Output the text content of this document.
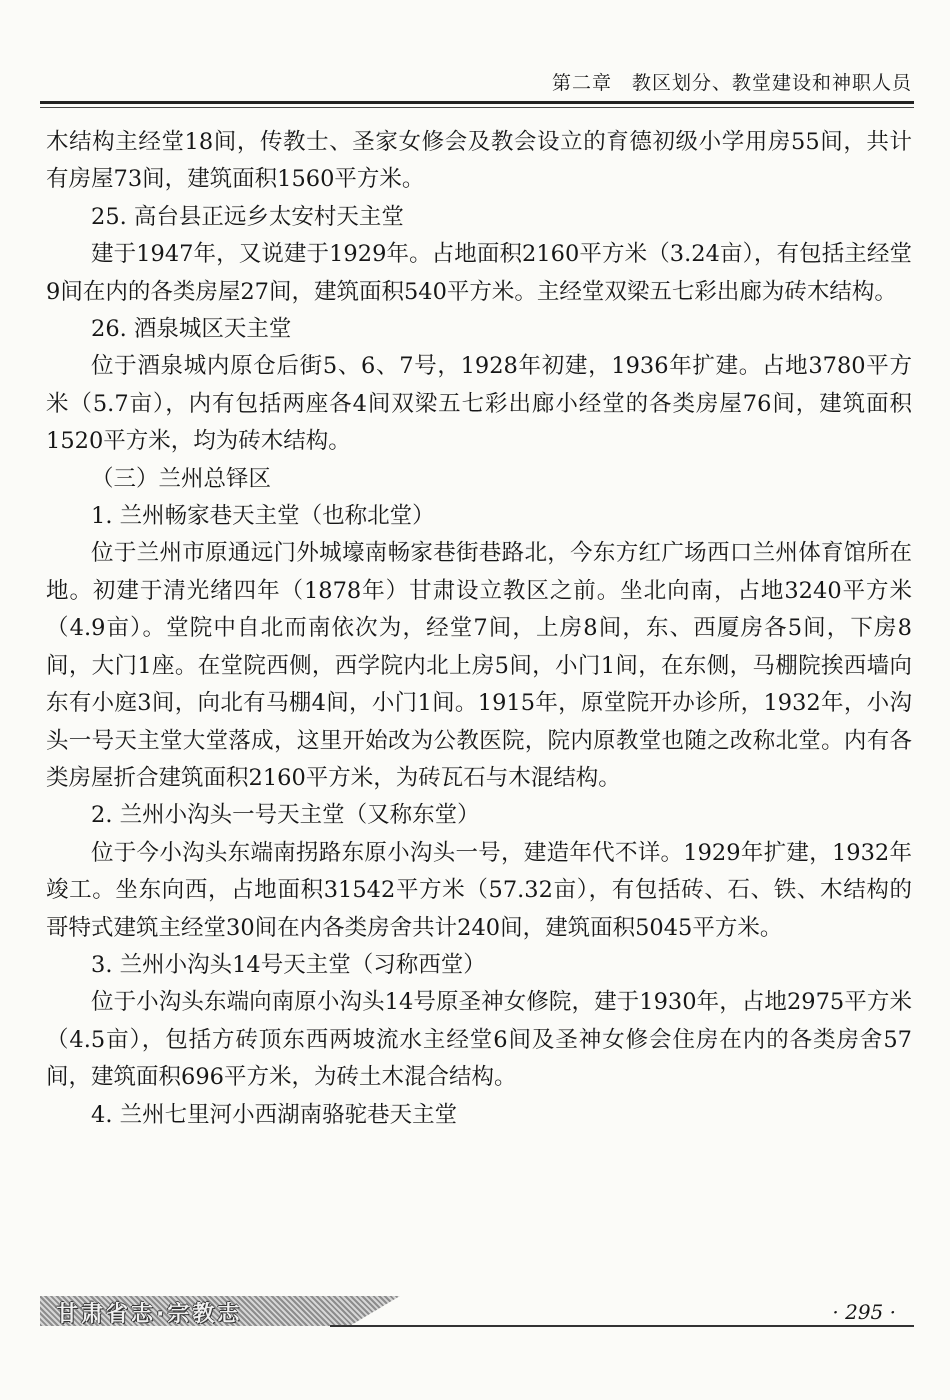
第二章　教区划分、教堂建设和神职人员

木结构主经堂18间，传教士、圣家女修会及教会设立的育德初级小学用房55间，共计有房屋73间，建筑面积1560平方米。

25. 高台县正远乡太安村天主堂

建于1947年，又说建于1929年。占地面积2160平方米（3.24亩），有包括主经堂9间在内的各类房屋27间，建筑面积540平方米。主经堂双梁五七彩出廊为砖木结构。

26. 酒泉城区天主堂

位于酒泉城内原仓后街5、6、7号，1928年初建，1936年扩建。占地3780平方米（5.7亩），内有包括两座各4间双梁五七彩出廊小经堂的各类房屋76间，建筑面积1520平方米，均为砖木结构。

（三）兰州总铎区

1. 兰州畅家巷天主堂（也称北堂）

位于兰州市原通远门外城壕南畅家巷街巷路北，今东方红广场西口兰州体育馆所在地。初建于清光绪四年（1878年）甘肃设立教区之前。坐北向南，占地3240平方米（4.9亩）。堂院中自北而南依次为，经堂7间，上房8间，东、西厦房各5间，下房8间，大门1座。在堂院西侧，西学院内北上房5间，小门1间，在东侧，马棚院挨西墙向东有小庭3间，向北有马棚4间，小门1间。1915年，原堂院开办诊所，1932年，小沟头一号天主堂大堂落成，这里开始改为公教医院，院内原教堂也随之改称北堂。内有各类房屋折合建筑面积2160平方米，为砖瓦石与木混结构。

2. 兰州小沟头一号天主堂（又称东堂）

位于今小沟头东端南拐路东原小沟头一号，建造年代不详。1929年扩建，1932年竣工。坐东向西，占地面积31542平方米（57.32亩），有包括砖、石、铁、木结构的哥特式建筑主经堂30间在内各类房舍共计240间，建筑面积5045平方米。

3. 兰州小沟头14号天主堂（习称西堂）

位于小沟头东端向南原小沟头14号原圣神女修院，建于1930年，占地2975平方米（4.5亩），包括方砖顶东西两坡流水主经堂6间及圣神女修会住房在内的各类房舍57间，建筑面积696平方米，为砖土木混合结构。

4. 兰州七里河小西湖南骆驼巷天主堂

甘肃省志·宗教志	· 295 ·
